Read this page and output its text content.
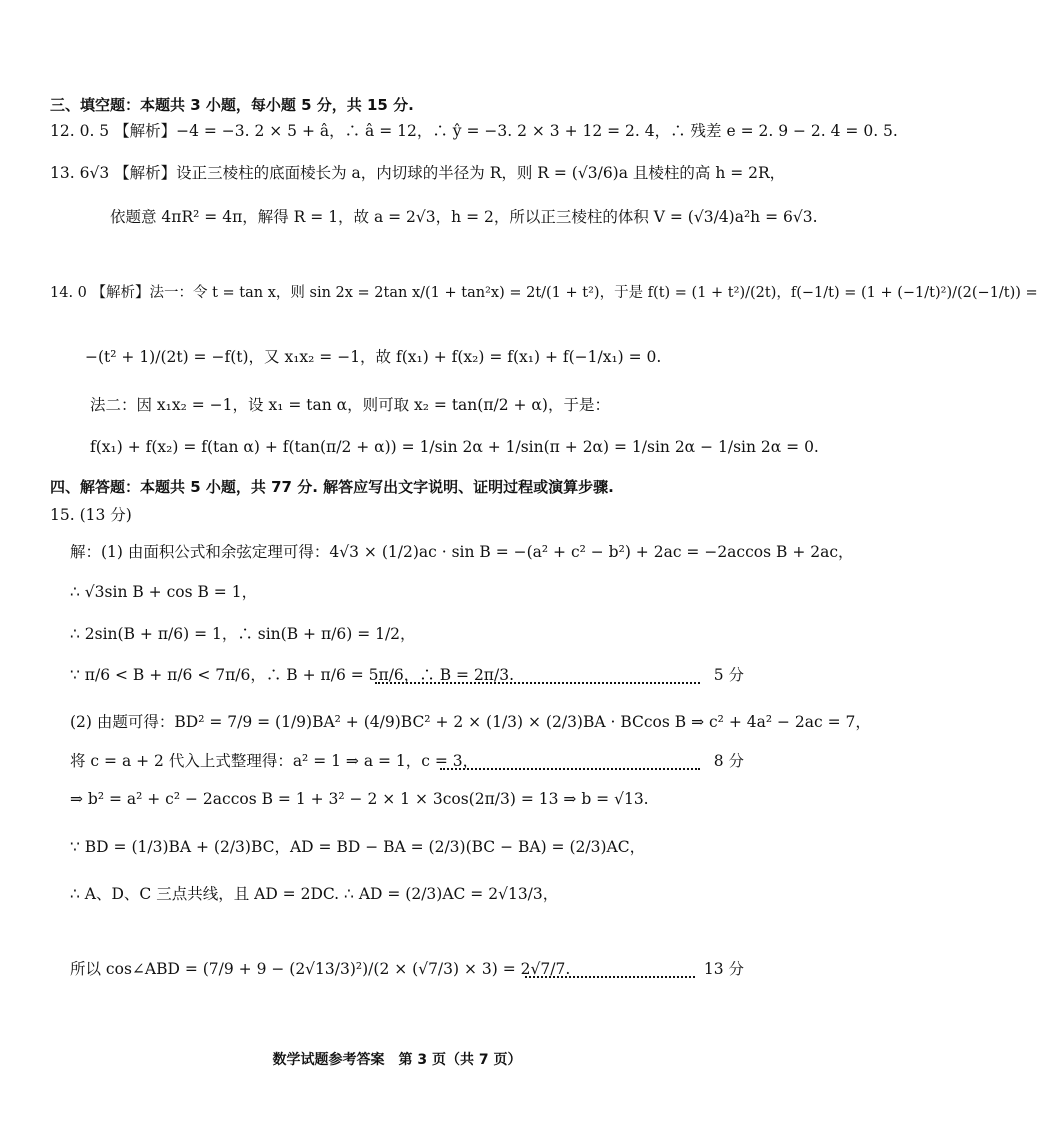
三、填空题：本题共 3 小题，每小题 5 分，共 15 分.
12. 0. 5 【解析】−4 = −3. 2 × 5 + â，∴ â = 12，∴ ŷ = −3. 2 × 3 + 12 = 2. 4，∴ 残差 e = 2. 9 − 2. 4 = 0. 5.
13. 6√3 【解析】设正三棱柱的底面棱长为 a，内切球的半径为 R，则 R = (√3/6)a 且棱柱的高 h = 2R，
依题意 4πR² = 4π，解得 R = 1，故 a = 2√3，h = 2，所以正三棱柱的体积 V = (√3/4)a²h = 6√3.
14. 0 【解析】法一：令 t = tan x，则 sin 2x = 2tan x/(1 + tan²x) = 2t/(1 + t²)，于是 f(t) = (1 + t²)/(2t)，f(−1/t) = (1 + (−1/t)²)/(2(−1/t)) =
−(t² + 1)/(2t) = −f(t)，又 x₁x₂ = −1，故 f(x₁) + f(x₂) = f(x₁) + f(−1/x₁) = 0.
法二：因 x₁x₂ = −1，设 x₁ = tan α，则可取 x₂ = tan(π/2 + α)，于是：
f(x₁) + f(x₂) = f(tan α) + f(tan(π/2 + α)) = 1/sin 2α + 1/sin(π + 2α) = 1/sin 2α − 1/sin 2α = 0.
四、解答题：本题共 5 小题，共 77 分. 解答应写出文字说明、证明过程或演算步骤.
15. (13 分)
解：(1) 由面积公式和余弦定理可得：4√3 × (1/2)ac · sin B = −(a² + c² − b²) + 2ac = −2accos B + 2ac，
∴ √3sin B + cos B = 1，
∴ 2sin(B + π/6) = 1，∴ sin(B + π/6) = 1/2，
∵ π/6 < B + π/6 < 7π/6，∴ B + π/6 = 5π/6，∴ B = 2π/3.	5 分
(2) 由题可得：BD² = 7/9 = (1/9)BA² + (4/9)BC² + 2 × (1/3) × (2/3)BA · BCcos B ⇒ c² + 4a² − 2ac = 7，
将 c = a + 2 代入上式整理得：a² = 1 ⇒ a = 1，c = 3，	8 分
⇒ b² = a² + c² − 2accos B = 1 + 3² − 2 × 1 × 3cos(2π/3) = 13 ⇒ b = √13.
∵ BD = (1/3)BA + (2/3)BC，AD = BD − BA = (2/3)(BC − BA) = (2/3)AC，
∴ A、D、C 三点共线，且 AD = 2DC. ∴ AD = (2/3)AC = 2√13/3，
所以 cos∠ABD = (7/9 + 9 − (2√13/3)²)/(2 × (√7/3) × 3) = 2√7/7.	13 分
数学试题参考答案　第 3 页（共 7 页）
